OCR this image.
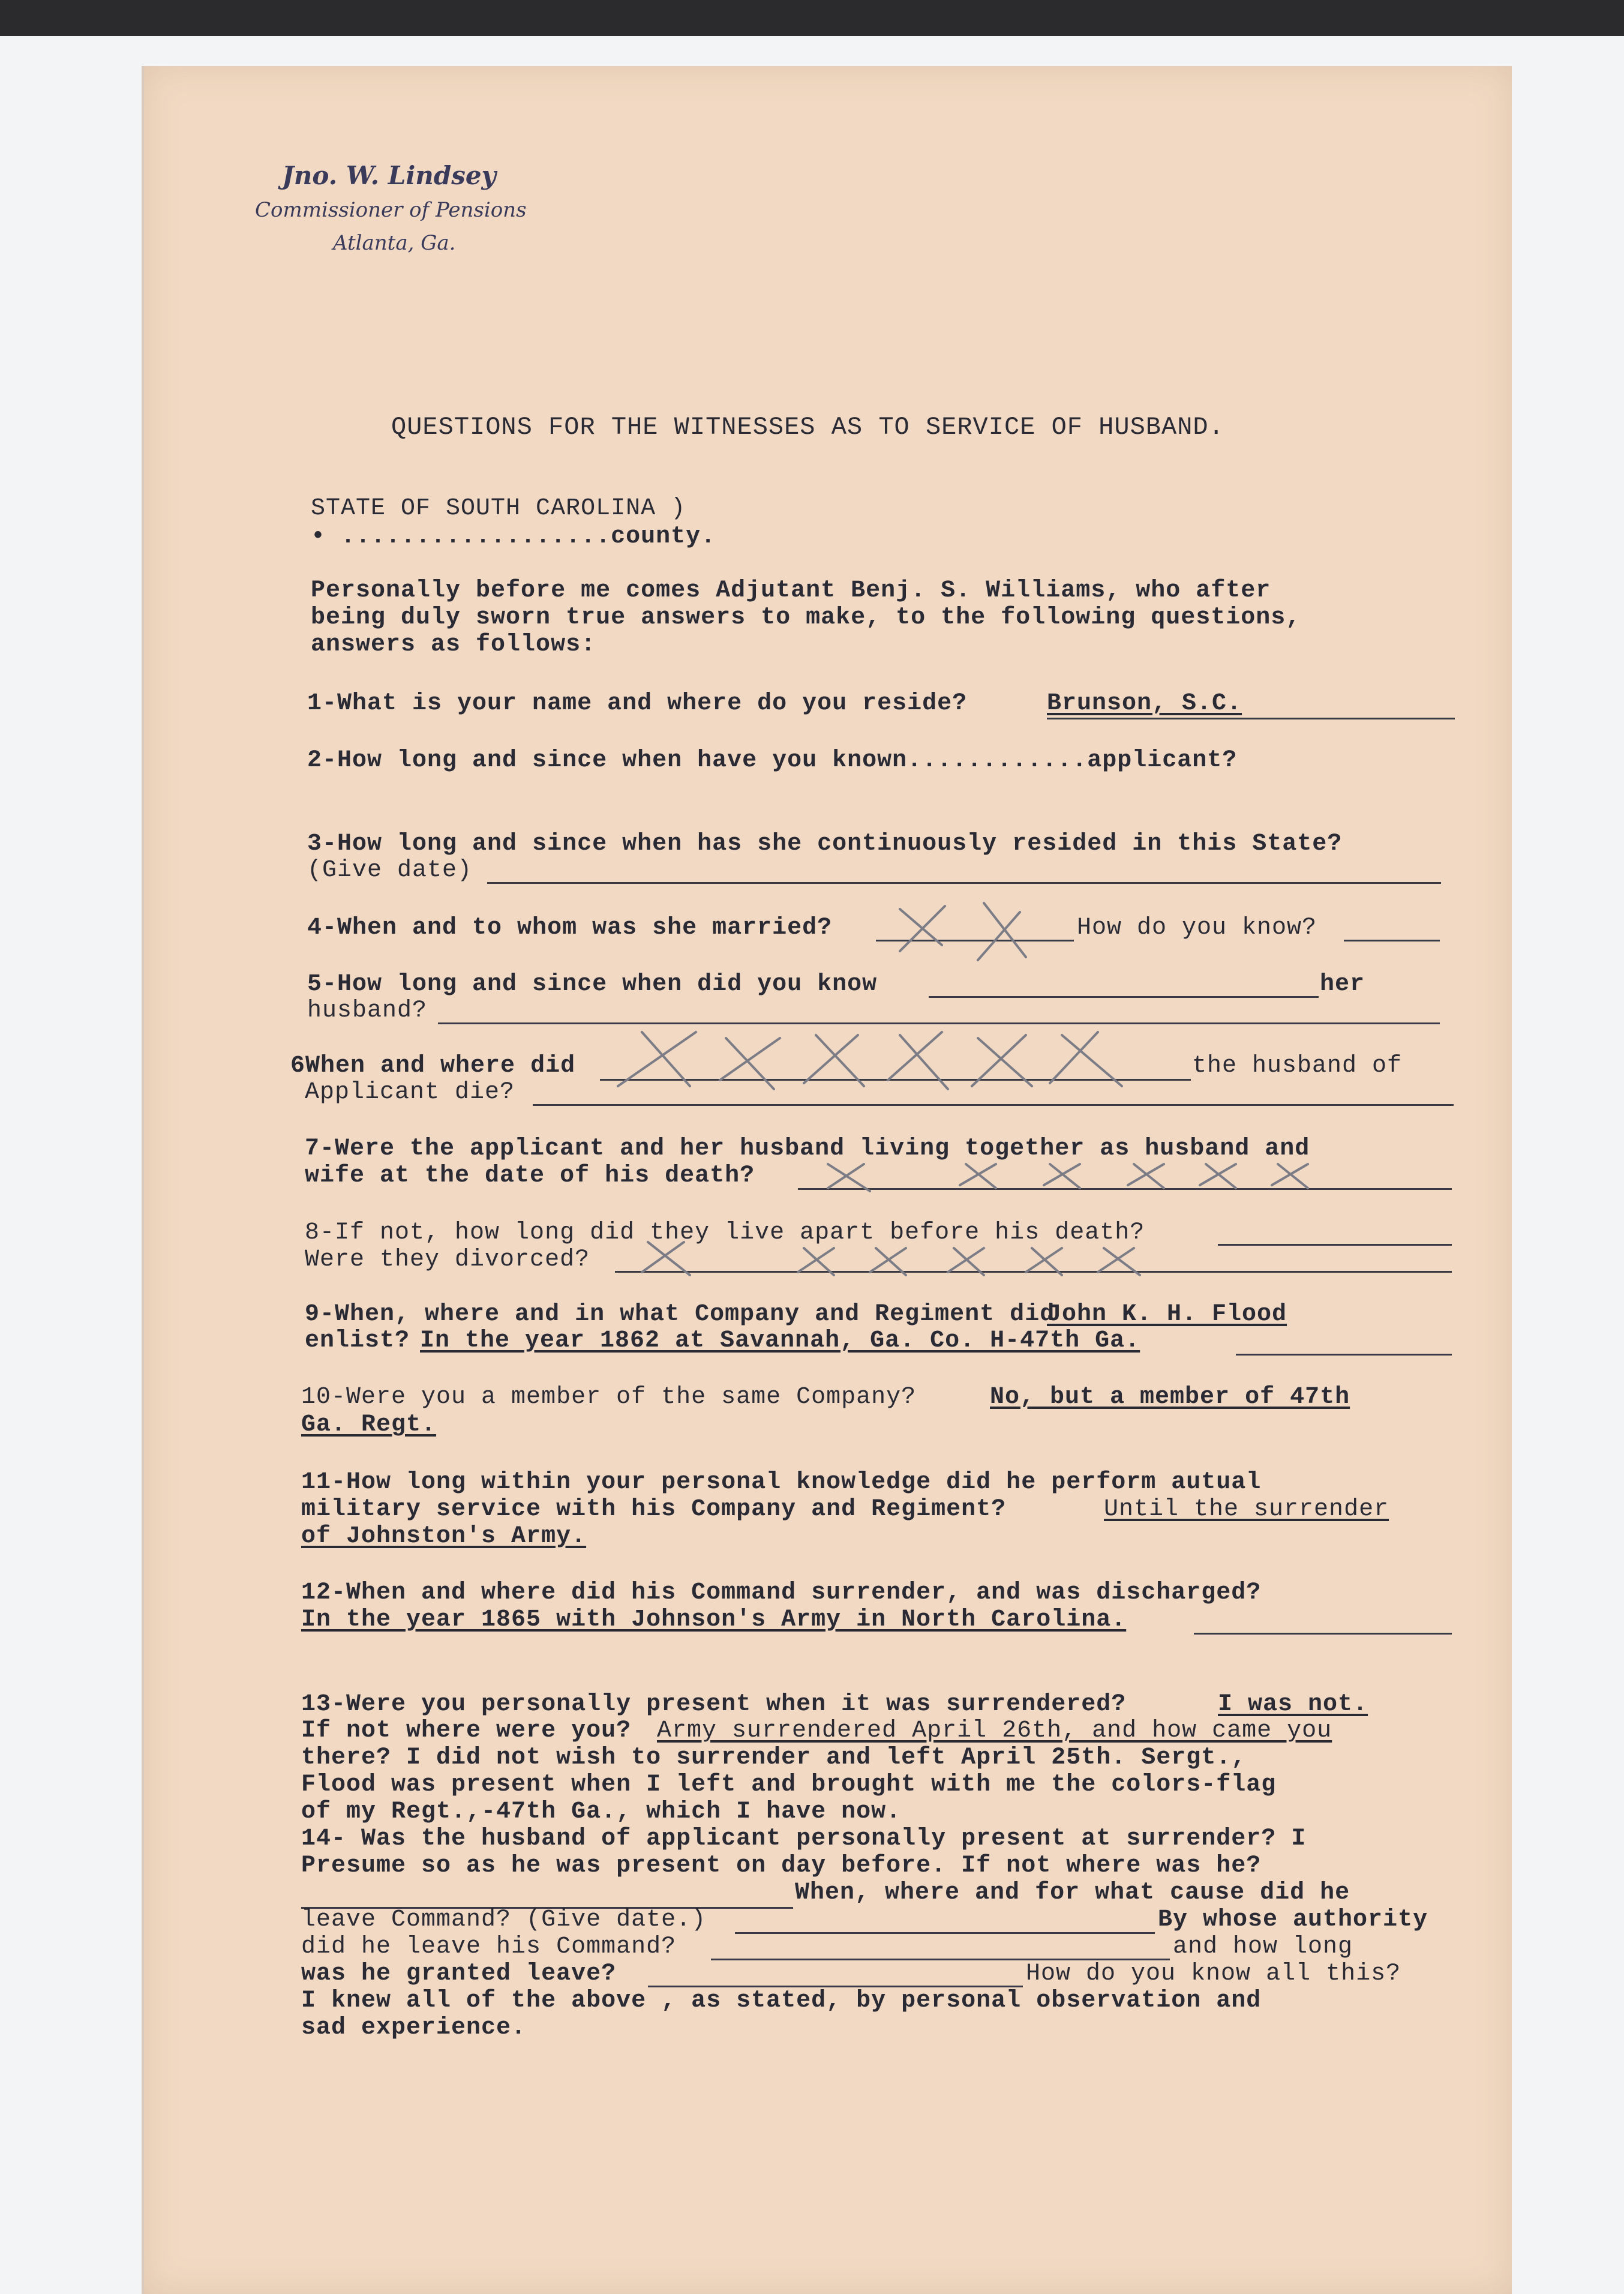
Jno. W. Lindsey
Commissioner of Pensions
Atlanta, Ga.
QUESTIONS FOR THE WITNESSES AS TO SERVICE OF HUSBAND.
STATE OF SOUTH CAROLINA )
• ..................county.
Personally before me comes Adjutant Benj. S. Williams, who after
being duly sworn true answers to make, to the following questions,
answers as follows:
1-What is your name and where do you reside?	Brunson, S.C.
2-How long and since when have you known............applicant?
3-How long and since when has she continuously resided in this State?
(Give date)
4-When and to whom was she married?	How do you know?
5-How long and since when did you know	her
husband?
6When and where did	the husband of
Applicant die?
7-Were the applicant and her husband living together as husband and
wife at the date of his death?
8-If not, how long did they live apart before his death?
Were they divorced?
9-When, where and in what Company and Regiment did
John K. H. Flood
enlist? In the year 1862 at Savannah, Ga. Co. H-47th Ga.
10-Were you a member of the same Company?	No, but a member of 47th
Ga. Regt.
11-How long within your personal knowledge did he perform autual
military service with his Company and Regiment?	Until the surrender
of Johnston's Army.
12-When and where did his Command surrender, and was discharged?
In the year 1865 with Johnson's Army in North Carolina.
13-Were you personally present when it was surrendered?	I was not.
If not where were you? Army surrendered April 26th, and how came you
there? I did not wish to surrender and left April 25th. Sergt.,
Flood was present when I left and brought with me the colors-flag
of my Regt.,-47th Ga., which I have now.
14- Was the husband of applicant personally present at surrender? I
Presume so as he was present on day before. If not where was he?
When, where and for what cause did he
leave Command? (Give date.)	By whose authority
did he leave his Command?	and how long
was he granted leave?	How do you know all this?
I knew all of the above , as stated, by personal observation and
sad experience.
